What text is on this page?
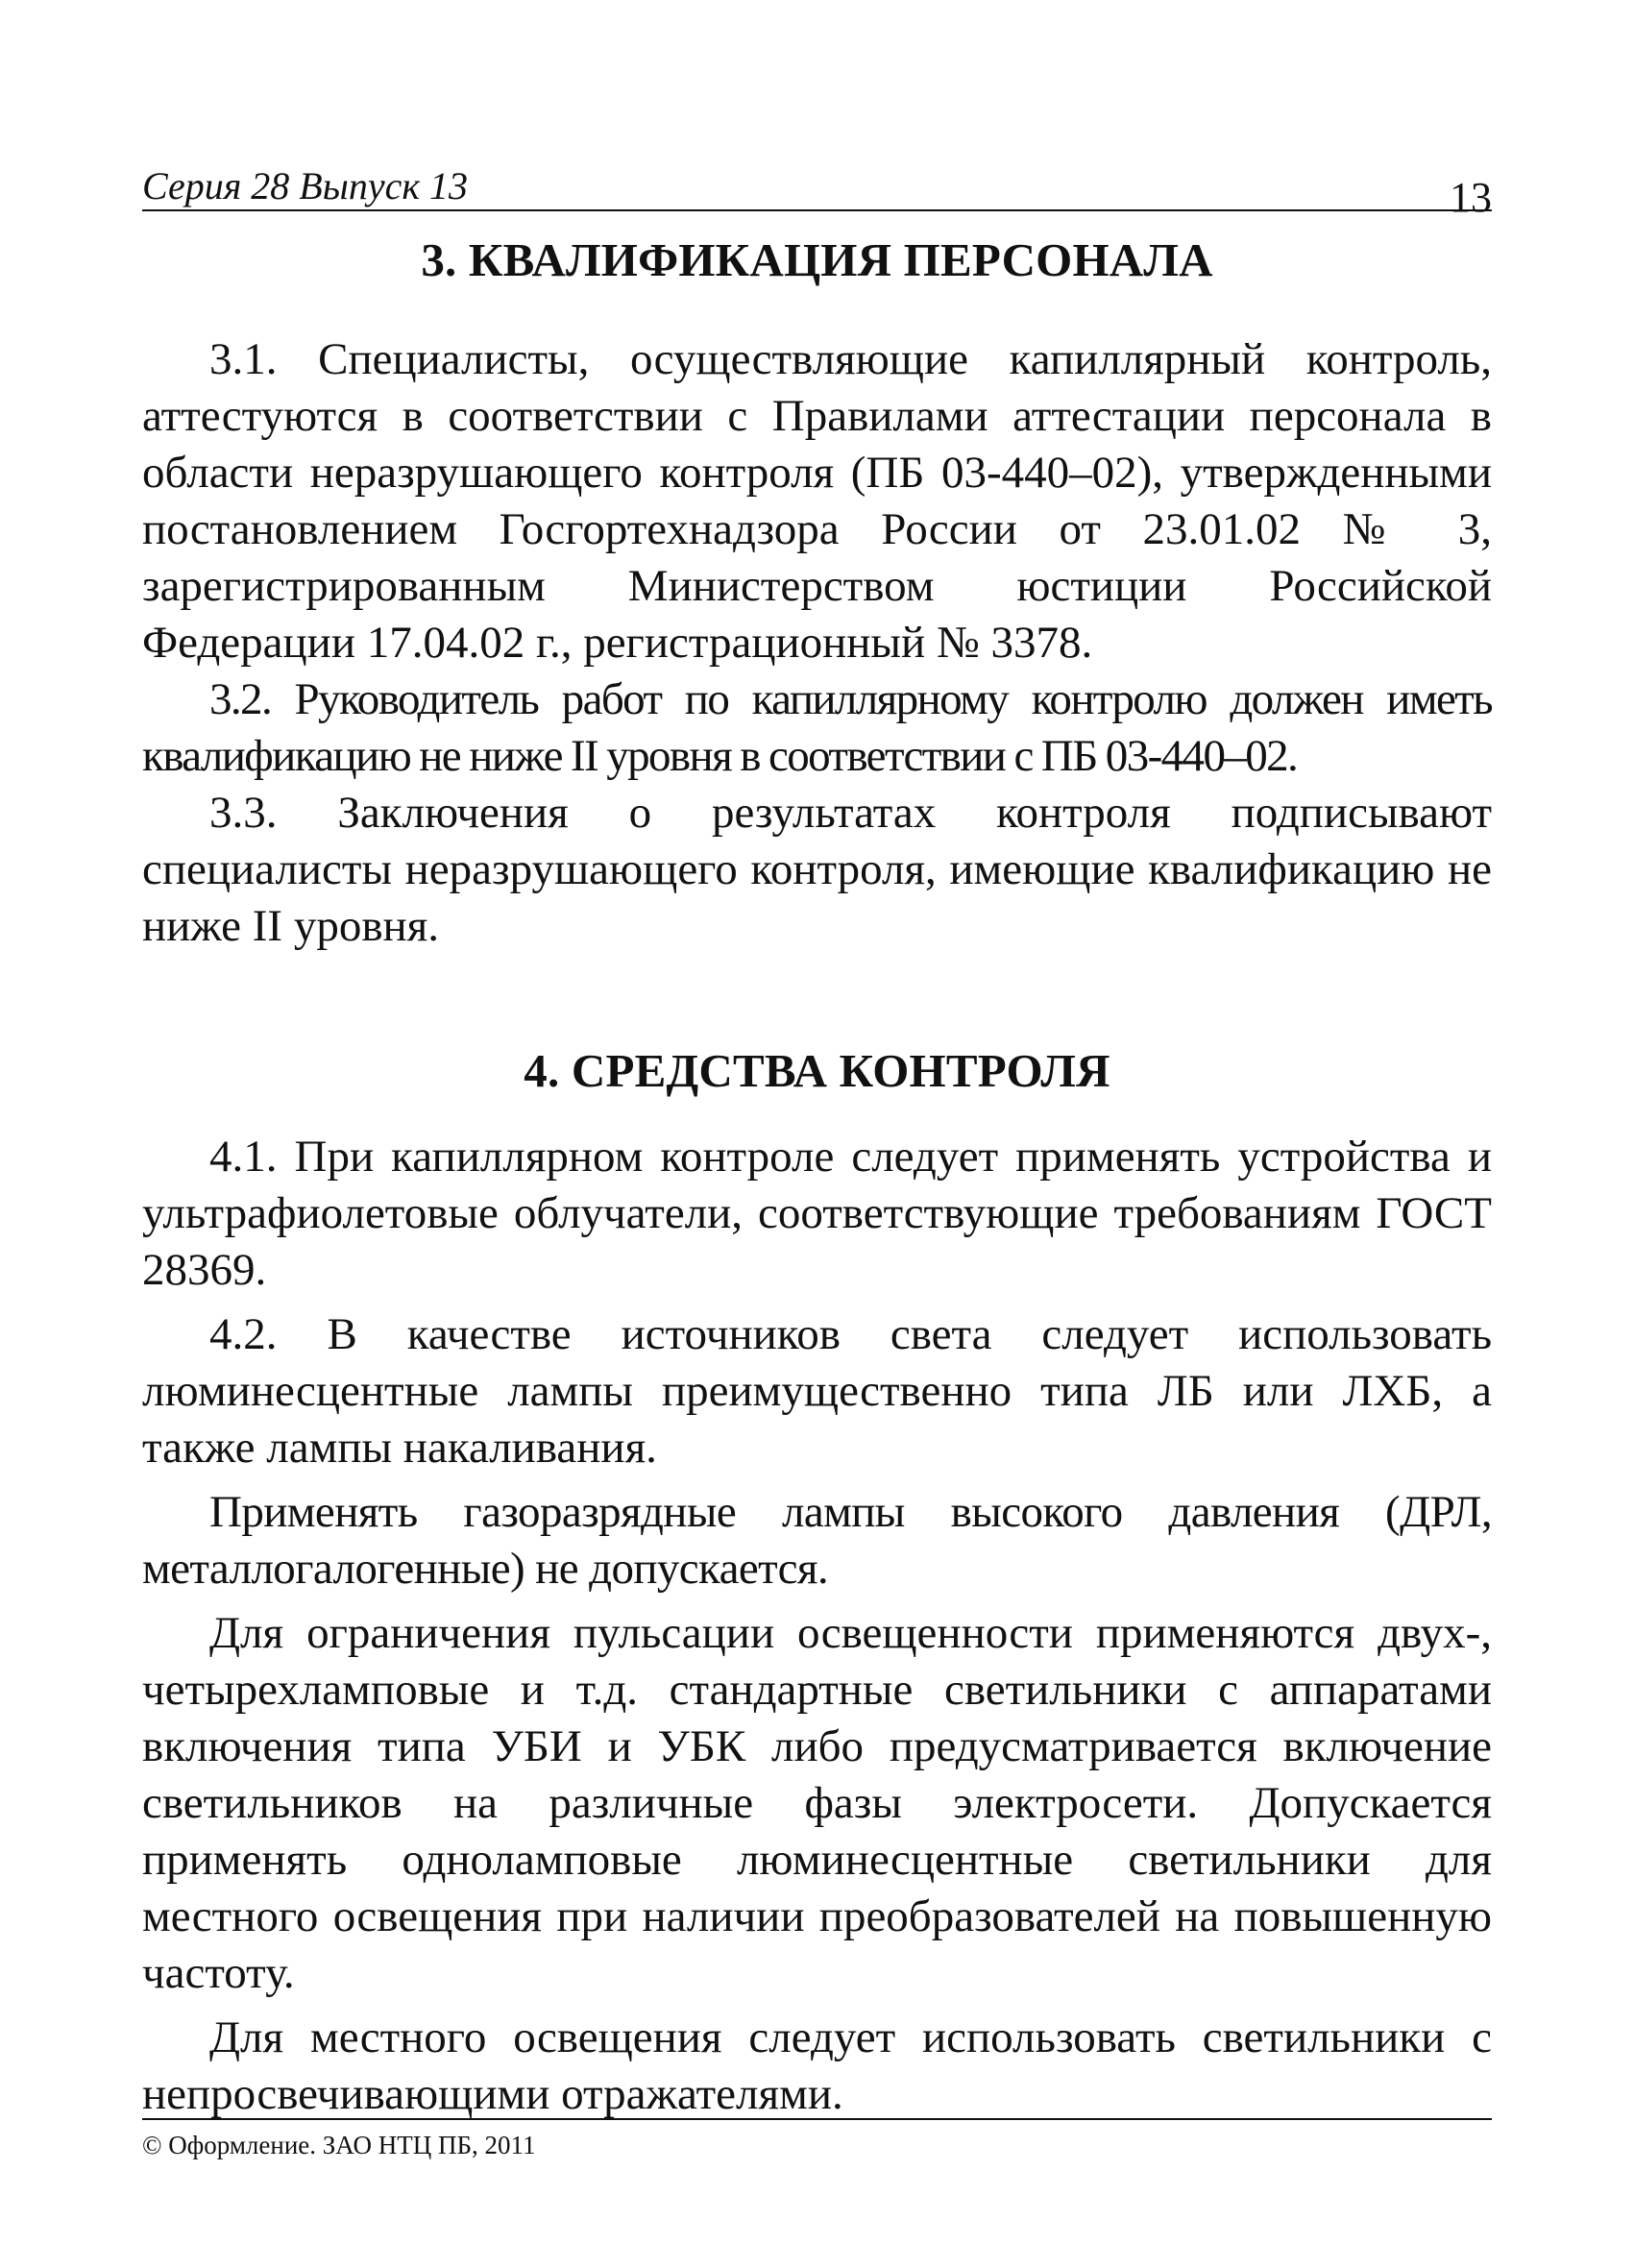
Серия 28 Выпуск 13	13
3. КВАЛИФИКАЦИЯ ПЕРСОНАЛА

3.1. Специалисты, осуществляющие капиллярный контроль, аттестуются в соответствии с Правилами аттестации персонала в области неразрушающего контроля (ПБ 03-440–02), утвержденными постановлением Госгортехнадзора России от 23.01.02 № 3, зарегистрированным Министерством юстиции Российской Федерации 17.04.02 г., регистрационный № 3378.

3.2. Руководитель работ по капиллярному контролю должен иметь квалификацию не ниже II уровня в соответствии с ПБ 03-440–02.

3.3. Заключения о результатах контроля подписывают специалисты неразрушающего контроля, имеющие квалификацию не ниже II уровня.

4. СРЕДСТВА КОНТРОЛЯ

4.1. При капиллярном контроле следует применять устройства и ультрафиолетовые облучатели, соответствующие требованиям ГОСТ 28369.

4.2. В качестве источников света следует использовать люминесцентные лампы преимущественно типа ЛБ или ЛХБ, а также лампы накаливания.

Применять газоразрядные лампы высокого давления (ДРЛ, металлогалогенные) не допускается.

Для ограничения пульсации освещенности применяются двух-, четырехламповые и т.д. стандартные светильники с аппаратами включения типа УБИ и УБК либо предусматривается включение светильников на различные фазы электросети. Допускается применять одноламповые люминесцентные светильники для местного освещения при наличии преобразователей на повышенную частоту.

Для местного освещения следует использовать светильники с непросвечивающими отражателями.

© Оформление. ЗАО НТЦ ПБ, 2011
